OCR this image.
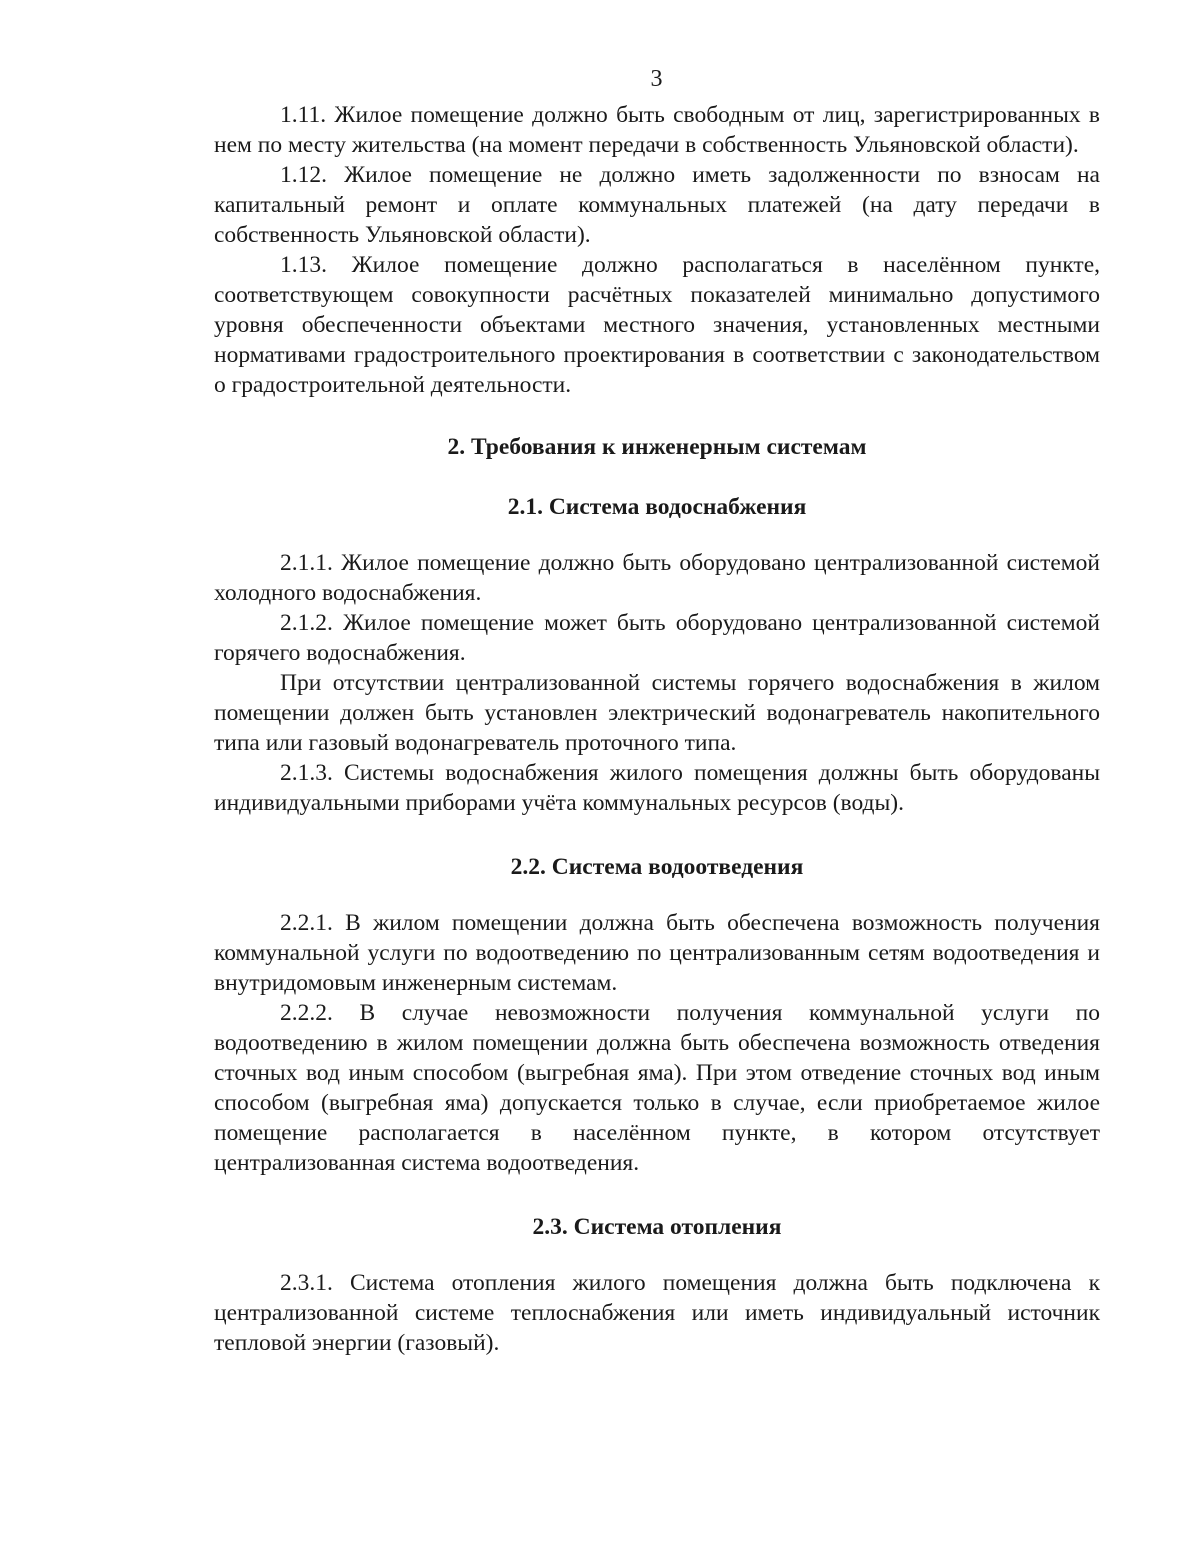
3

1.11. Жилое помещение должно быть свободным от лиц, зарегистрированных в нем по месту жительства (на момент передачи в собственность Ульяновской области).

1.12. Жилое помещение не должно иметь задолженности по взносам на капитальный ремонт и оплате коммунальных платежей (на дату передачи в собственность Ульяновской области).

1.13. Жилое помещение должно располагаться в населённом пункте, соответствующем совокупности расчётных показателей минимально допустимого уровня обеспеченности объектами местного значения, установленных местными нормативами градостроительного проектирования в соответствии с законодательством о градостроительной деятельности.

2. Требования к инженерным системам
2.1. Система водоснабжения

2.1.1. Жилое помещение должно быть оборудовано централизованной системой холодного водоснабжения.

2.1.2. Жилое помещение может быть оборудовано централизованной системой горячего водоснабжения.

При отсутствии централизованной системы горячего водоснабжения в жилом помещении должен быть установлен электрический водонагреватель накопительного типа или газовый водонагреватель проточного типа.

2.1.3. Системы водоснабжения жилого помещения должны быть оборудованы индивидуальными приборами учёта коммунальных ресурсов (воды).

2.2. Система водоотведения

2.2.1. В жилом помещении должна быть обеспечена возможность получения коммунальной услуги по водоотведению по централизованным сетям водоотведения и внутридомовым инженерным системам.

2.2.2. В случае невозможности получения коммунальной услуги по водоотведению в жилом помещении должна быть обеспечена возможность отведения сточных вод иным способом (выгребная яма). При этом отведение сточных вод иным способом (выгребная яма) допускается только в случае, если приобретаемое жилое помещение располагается в населённом пункте, в котором отсутствует централизованная система водоотведения.

2.3. Система отопления

2.3.1. Система отопления жилого помещения должна быть подключена к централизованной системе теплоснабжения или иметь индивидуальный источник тепловой энергии (газовый).
